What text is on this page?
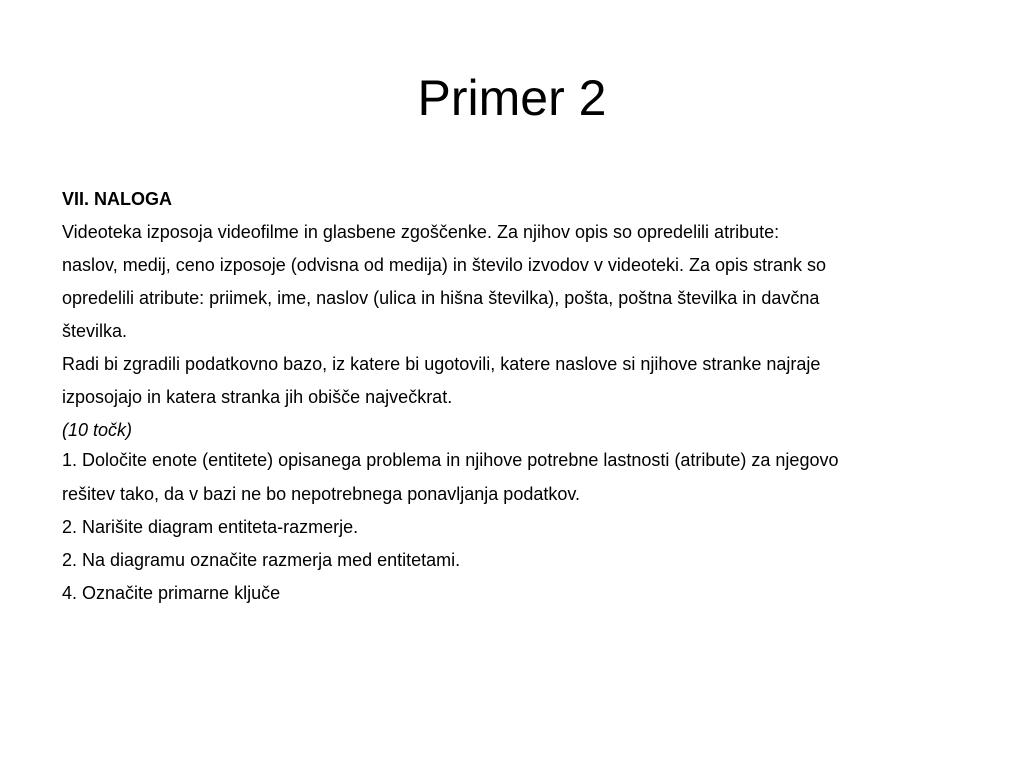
Primer 2
VII. NALOGA
Videoteka izposoja videofilme in glasbene zgoščenke. Za njihov opis so opredelili atribute:
naslov, medij, ceno izposoje (odvisna od medija) in število izvodov v videoteki. Za opis strank so
opredelili atribute: priimek, ime, naslov (ulica in hišna številka), pošta, poštna številka in davčna
številka.
Radi bi zgradili podatkovno bazo, iz katere bi ugotovili, katere naslove si njihove stranke najraje
izposojajo in katera stranka jih obišče največkrat.
(10 točk)
1. Določite enote (entitete) opisanega problema in njihove potrebne lastnosti (atribute) za njegovo
rešitev tako, da v bazi ne bo nepotrebnega ponavljanja podatkov.
2. Narišite diagram entiteta-razmerje.
2. Na diagramu označite razmerja med entitetami.
4. Označite primarne ključe
